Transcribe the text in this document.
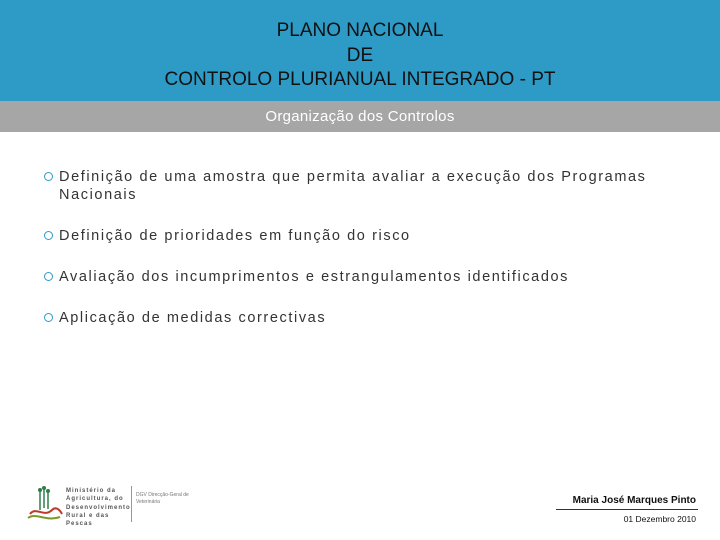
PLANO NACIONAL
DE
CONTROLO PLURIANUAL INTEGRADO - PT
Organização dos Controlos
Definição de uma amostra que permita avaliar a execução dos Programas Nacionais
Definição de prioridades em função do risco
Avaliação dos incumprimentos e estrangulamentos identificados
Aplicação de medidas correctivas
Ministério da Agricultura, do Desenvolvimento Rural e das Pescas
DGV Direcção-Geral de Veterinária	Maria José Marques Pinto
01 Dezembro 2010
